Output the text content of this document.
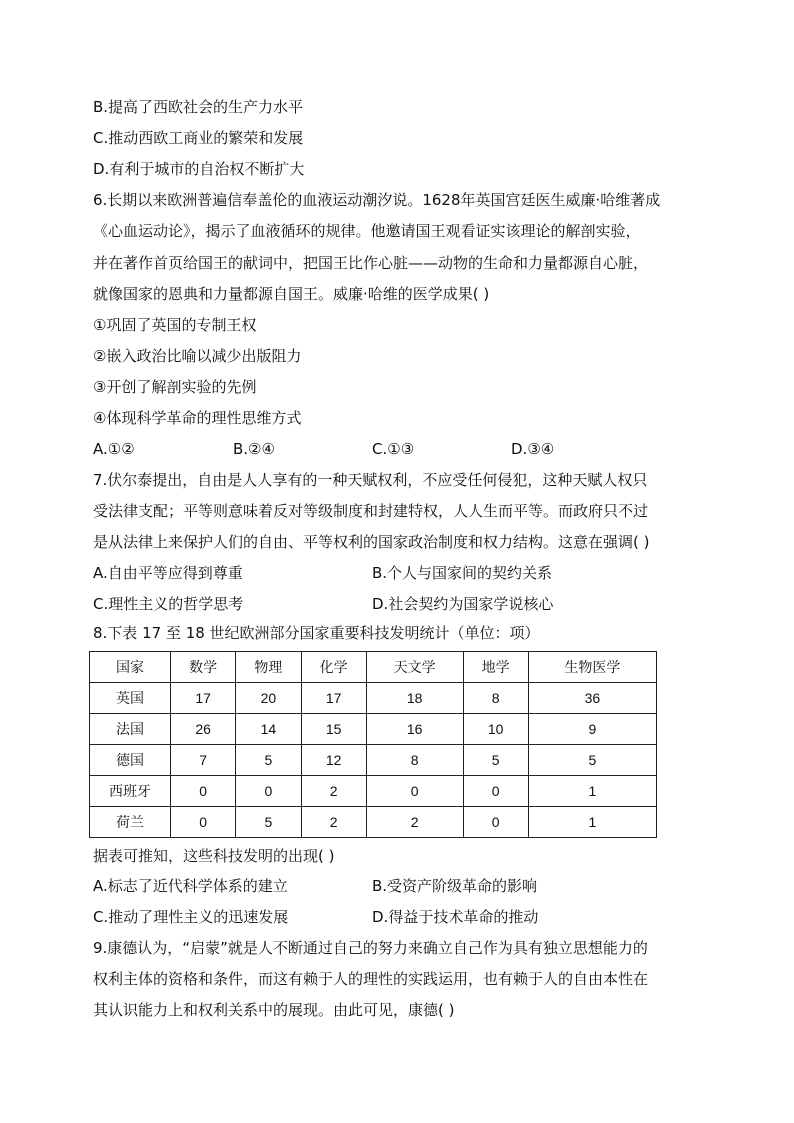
B.提高了西欧社会的生产力水平
C.推动西欧工商业的繁荣和发展
D.有利于城市的自治权不断扩大
6.长期以来欧洲普遍信奉盖伦的血液运动潮汐说。1628年英国宫廷医生威廉·哈维著成
《心血运动论》，揭示了血液循环的规律。他邀请国王观看证实该理论的解剖实验，
并在著作首页给国王的献词中，把国王比作心脏——动物的生命和力量都源自心脏，
就像国家的恩典和力量都源自国王。威廉·哈维的医学成果( )
①巩固了英国的专制王权
②嵌入政治比喻以减少出版阻力
③开创了解剖实验的先例
④体现科学革命的理性思维方式
A.①②	B.②④	C.①③	D.③④
7.伏尔泰提出，自由是人人享有的一种天赋权利，不应受任何侵犯，这种天赋人权只
受法律支配；平等则意味着反对等级制度和封建特权，人人生而平等。而政府只不过
是从法律上来保护人们的自由、平等权利的国家政治制度和权力结构。这意在强调( )
A.自由平等应得到尊重	B.个人与国家间的契约关系
C.理性主义的哲学思考	D.社会契约为国家学说核心
8.下表 17 至 18 世纪欧洲部分国家重要科技发明统计（单位：项）
国家	数学	物理	化学	天文学	地学	生物医学
英国	17	20	17	18	8	36
法国	26	14	15	16	10	9
德国	7	5	12	8	5	5
西班牙	0	0	2	0	0	1
荷兰	0	5	2	2	0	1
据表可推知，这些科技发明的出现( )
A.标志了近代科学体系的建立	B.受资产阶级革命的影响
C.推动了理性主义的迅速发展	D.得益于技术革命的推动
9.康德认为，“启蒙”就是人不断通过自己的努力来确立自己作为具有独立思想能力的
权利主体的资格和条件，而这有赖于人的理性的实践运用，也有赖于人的自由本性在
其认识能力上和权利关系中的展现。由此可见，康德( )
